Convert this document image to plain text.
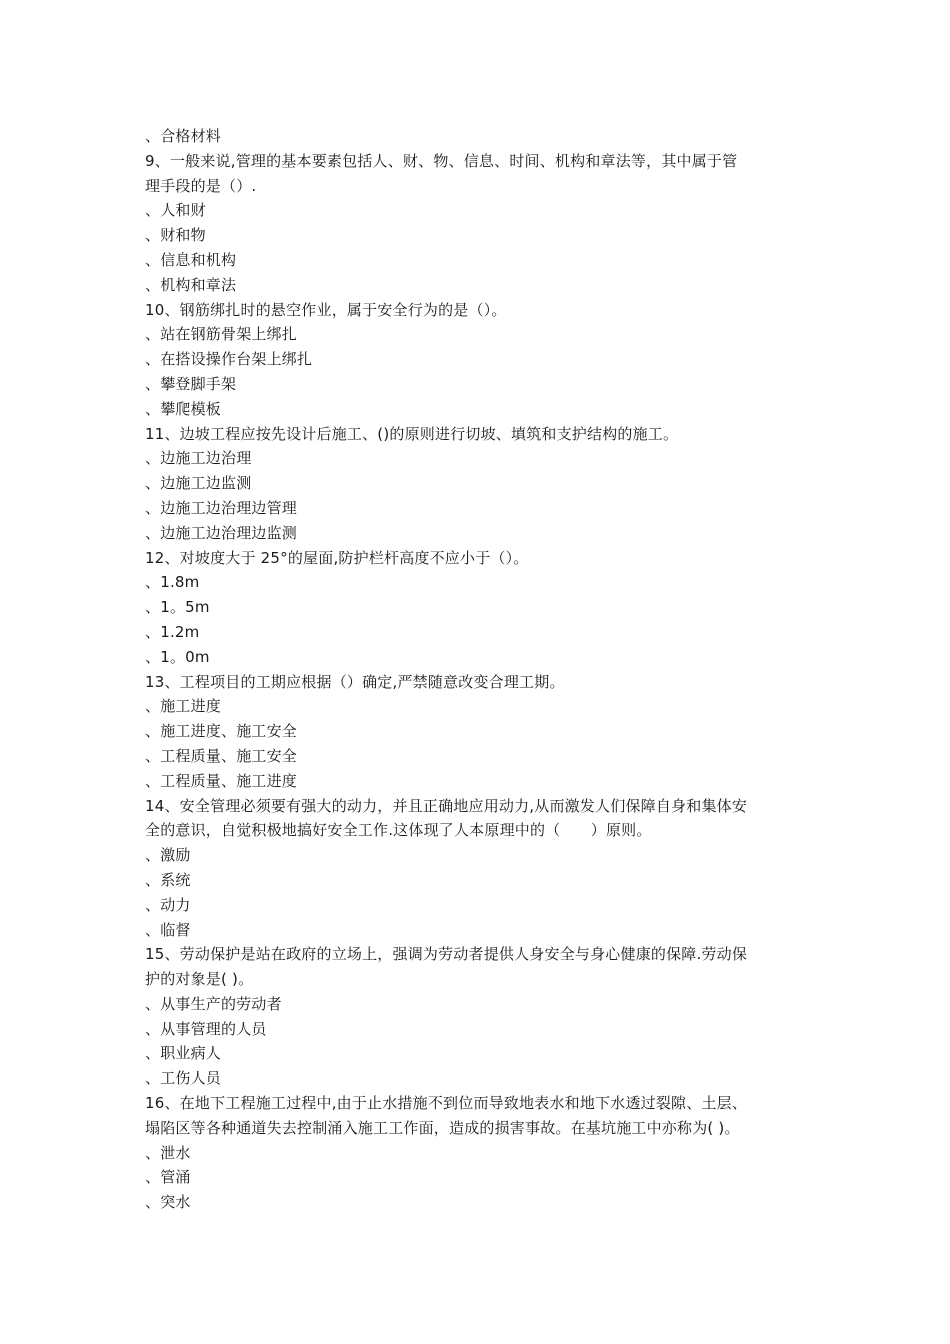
、合格材料
9、一般来说,管理的基本要素包括人、财、物、信息、时间、机构和章法等，其中属于管
理手段的是（）.
、人和财
、财和物
、信息和机构
、机构和章法
10、钢筋绑扎时的悬空作业，属于安全行为的是（）。
、站在钢筋骨架上绑扎
、在搭设操作台架上绑扎
、攀登脚手架
、攀爬模板
11、边坡工程应按先设计后施工、()的原则进行切坡、填筑和支护结构的施工。
、边施工边治理
、边施工边监测
、边施工边治理边管理
、边施工边治理边监测
12、对坡度大于 25°的屋面,防护栏杆高度不应小于（）。
、1.8m
、1。5m
、1.2m
、1。0m
13、工程项目的工期应根据（）确定,严禁随意改变合理工期。
、施工进度
、施工进度、施工安全
、工程质量、施工安全
、工程质量、施工进度
14、安全管理必须要有强大的动力，并且正确地应用动力,从而激发人们保障自身和集体安
全的意识，自觉积极地搞好安全工作.这体现了人本原理中的（　　）原则。
、激励
、系统
、动力
、临督
15、劳动保护是站在政府的立场上，强调为劳动者提供人身安全与身心健康的保障.劳动保
护的对象是( )。
、从事生产的劳动者
、从事管理的人员
、职业病人
、工伤人员
16、在地下工程施工过程中,由于止水措施不到位而导致地表水和地下水透过裂隙、土层、
塌陷区等各种通道失去控制涌入施工工作面，造成的损害事故。在基坑施工中亦称为( )。
、泄水
、管涌
、突水
